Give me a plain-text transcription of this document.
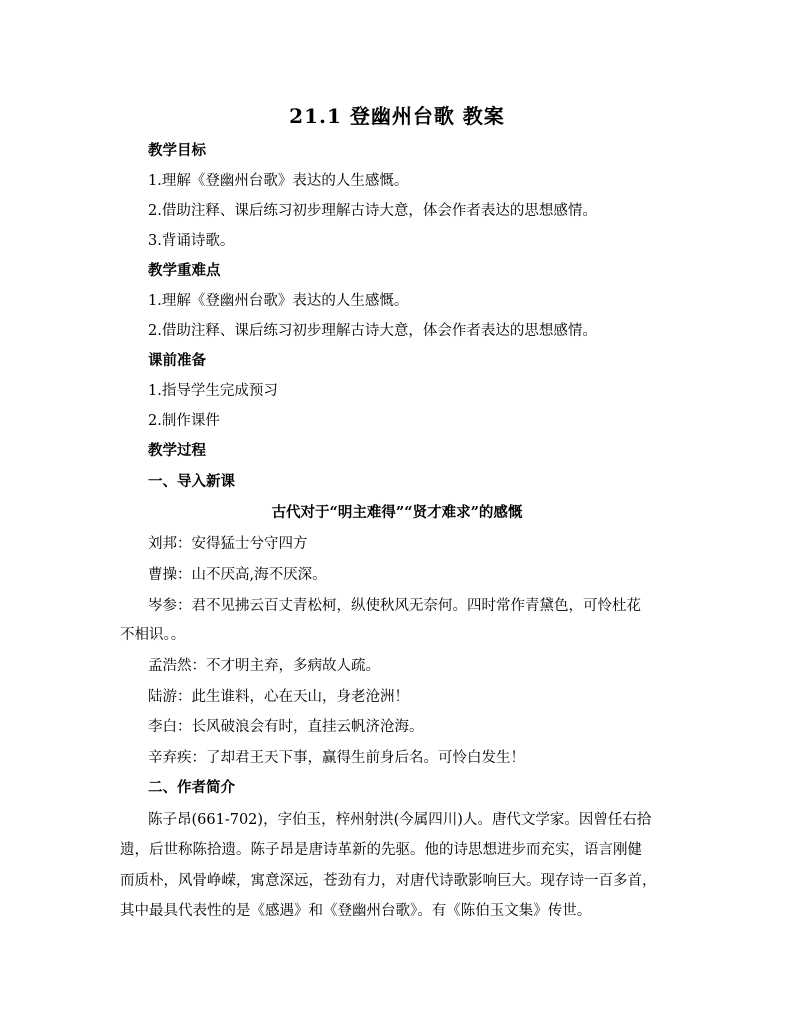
21.1 登幽州台歌 教案
教学目标
1.理解《登幽州台歌》表达的人生感慨。
2.借助注释、课后练习初步理解古诗大意，体会作者表达的思想感情。
3.背诵诗歌。
教学重难点
1.理解《登幽州台歌》表达的人生感慨。
2.借助注释、课后练习初步理解古诗大意，体会作者表达的思想感情。
课前准备
1.指导学生完成预习
2.制作课件
教学过程
一、导入新课
古代对于“明主难得”“贤才难求”的感慨
刘邦：安得猛士兮守四方
曹操：山不厌高,海不厌深。
岑参：君不见拂云百丈青松柯，纵使秋风无奈何。四时常作青黛色，可怜杜花
不相识。。
孟浩然：不才明主弃，多病故人疏。
陆游：此生谁料，心在天山，身老沧洲！
李白：长风破浪会有时，直挂云帆济沧海。
辛弃疾：了却君王天下事，赢得生前身后名。可怜白发生！
二、作者简介
陈子昂(661-702)，字伯玉，梓州射洪(今属四川)人。唐代文学家。因曾任右拾
遗，后世称陈拾遗。陈子昂是唐诗革新的先驱。他的诗思想进步而充实，语言刚健
而质朴，风骨峥嵘，寓意深远，苍劲有力，对唐代诗歌影响巨大。现存诗一百多首，
其中最具代表性的是《感遇》和《登幽州台歌》。有《陈伯玉文集》传世。
